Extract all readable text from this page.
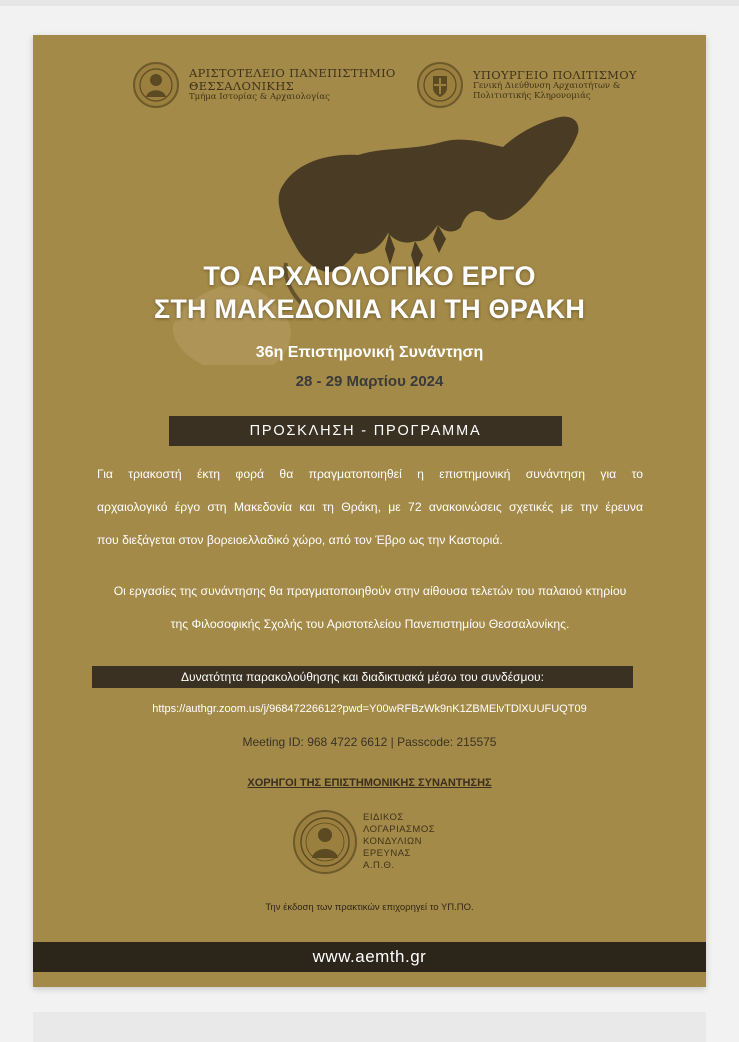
ΑΡΙΣΤΟΤΕΛΕΙΟ ΠΑΝΕΠΙΣΤΗΜΙΟ
ΘΕΣΣΑΛΟΝΙΚΗΣ
Τμήμα Ιστορίας & Αρχαιολογίας
ΥΠΟΥΡΓΕΙΟ ΠΟΛΙΤΙΣΜΟΥ
Γενική Διεύθυνση Αρχαιοτήτων &
Πολιτιστικής Κληρονομιάς
ΤΟ ΑΡΧΑΙΟΛΟΓΙΚΟ ΕΡΓΟ
ΣΤΗ ΜΑΚΕΔΟΝΙΑ ΚΑΙ ΤΗ ΘΡΑΚΗ
36η Επιστημονική Συνάντηση
28 - 29 Μαρτίου 2024
ΠΡΟΣΚΛΗΣΗ - ΠΡΟΓΡΑΜΜΑ
Για τριακοστή έκτη φορά θα πραγματοποιηθεί η επιστημονική συνάντηση για το
αρχαιολογικό έργο στη Μακεδονία και τη Θράκη, με 72 ανακοινώσεις σχετικές με την έρευνα
που διεξάγεται στον βορειοελλαδικό χώρο, από τον Έβρο ως την Καστοριά.
Οι εργασίες της συνάντησης θα πραγματοποιηθούν στην αίθουσα τελετών του παλαιού κτηρίου
της Φιλοσοφικής Σχολής του Αριστοτελείου Πανεπιστημίου Θεσσαλονίκης.
Δυνατότητα παρακολούθησης και διαδικτυακά μέσω του συνδέσμου:
https://authgr.zoom.us/j/96847226612?pwd=Y00wRFBzWk9nK1ZBMElvTDlXUUFUQT09
Meeting ID: 968 4722 6612 | Passcode: 215575
ΧΟΡΗΓΟΙ ΤΗΣ ΕΠΙΣΤΗΜΟΝΙΚΗΣ ΣΥΝΑΝΤΗΣΗΣ
ΕΙΔΙΚΟΣ
ΛΟΓΑΡΙΑΣΜΟΣ
ΚΟΝΔΥΛΙΩΝ
ΕΡΕΥΝΑΣ
Α.Π.Θ.
Την έκδοση των πρακτικών επιχορηγεί το ΥΠ.ΠΟ.
www.aemth.gr
